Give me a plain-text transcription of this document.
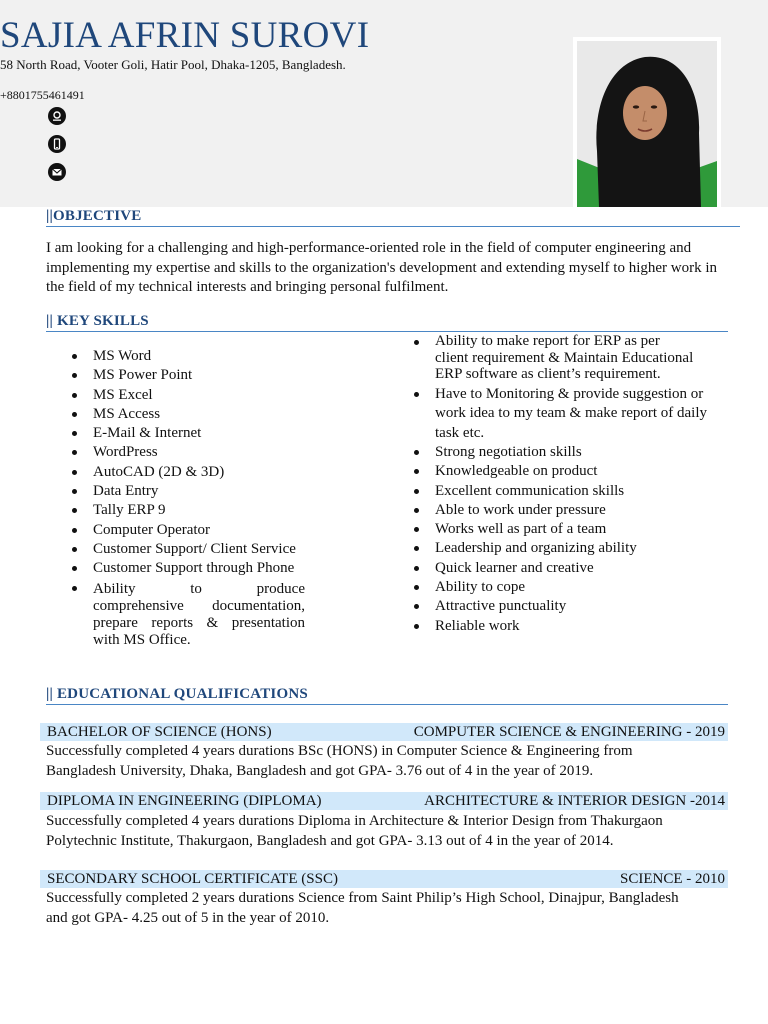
SAJIA AFRIN SUROVI
58 North Road, Vooter Goli, Hatir Pool, Dhaka-1205, Bangladesh.
+8801755461491
||OBJECTIVE
I am looking for a challenging and high-performance-oriented role in the field of computer engineering and implementing my expertise and skills to the organization's development and extending myself to higher work in the field of my technical interests and bringing personal fulfilment.
|| KEY SKILLS
MS Word
MS Power Point
MS Excel
MS Access
E-Mail & Internet
WordPress
AutoCAD (2D & 3D)
Data Entry
Tally ERP 9
Computer Operator
Customer Support/ Client Service
Customer Support through Phone
Ability to produce
comprehensive documentation,
prepare reports & presentation
with MS Office.
Ability to make report for ERP as per
client requirement & Maintain Educational
ERP software as client’s requirement.
Have to Monitoring & provide suggestion or
work idea to my team & make report of daily
task etc.
Strong negotiation skills
Knowledgeable on product
Excellent communication skills
Able to work under pressure
Works well as part of a team
Leadership and organizing ability
Quick learner and creative
Ability to cope
Attractive punctuality
Reliable work
|| EDUCATIONAL QUALIFICATIONS
BACHELOR OF SCIENCE (HONS)	COMPUTER SCIENCE & ENGINEERING - 2019
Successfully completed 4 years durations BSc (HONS) in Computer Science & Engineering from
Bangladesh University, Dhaka, Bangladesh and got GPA- 3.76 out of 4 in the year of 2019.
DIPLOMA IN ENGINEERING (DIPLOMA)	ARCHITECTURE & INTERIOR DESIGN -2014
Successfully completed 4 years durations Diploma in Architecture & Interior Design from Thakurgaon
Polytechnic Institute, Thakurgaon, Bangladesh and got GPA- 3.13 out of 4 in the year of 2014.
SECONDARY SCHOOL CERTIFICATE (SSC)	SCIENCE - 2010
Successfully completed 2 years durations Science from Saint Philip’s High School, Dinajpur, Bangladesh
and got GPA- 4.25 out of 5 in the year of 2010.
